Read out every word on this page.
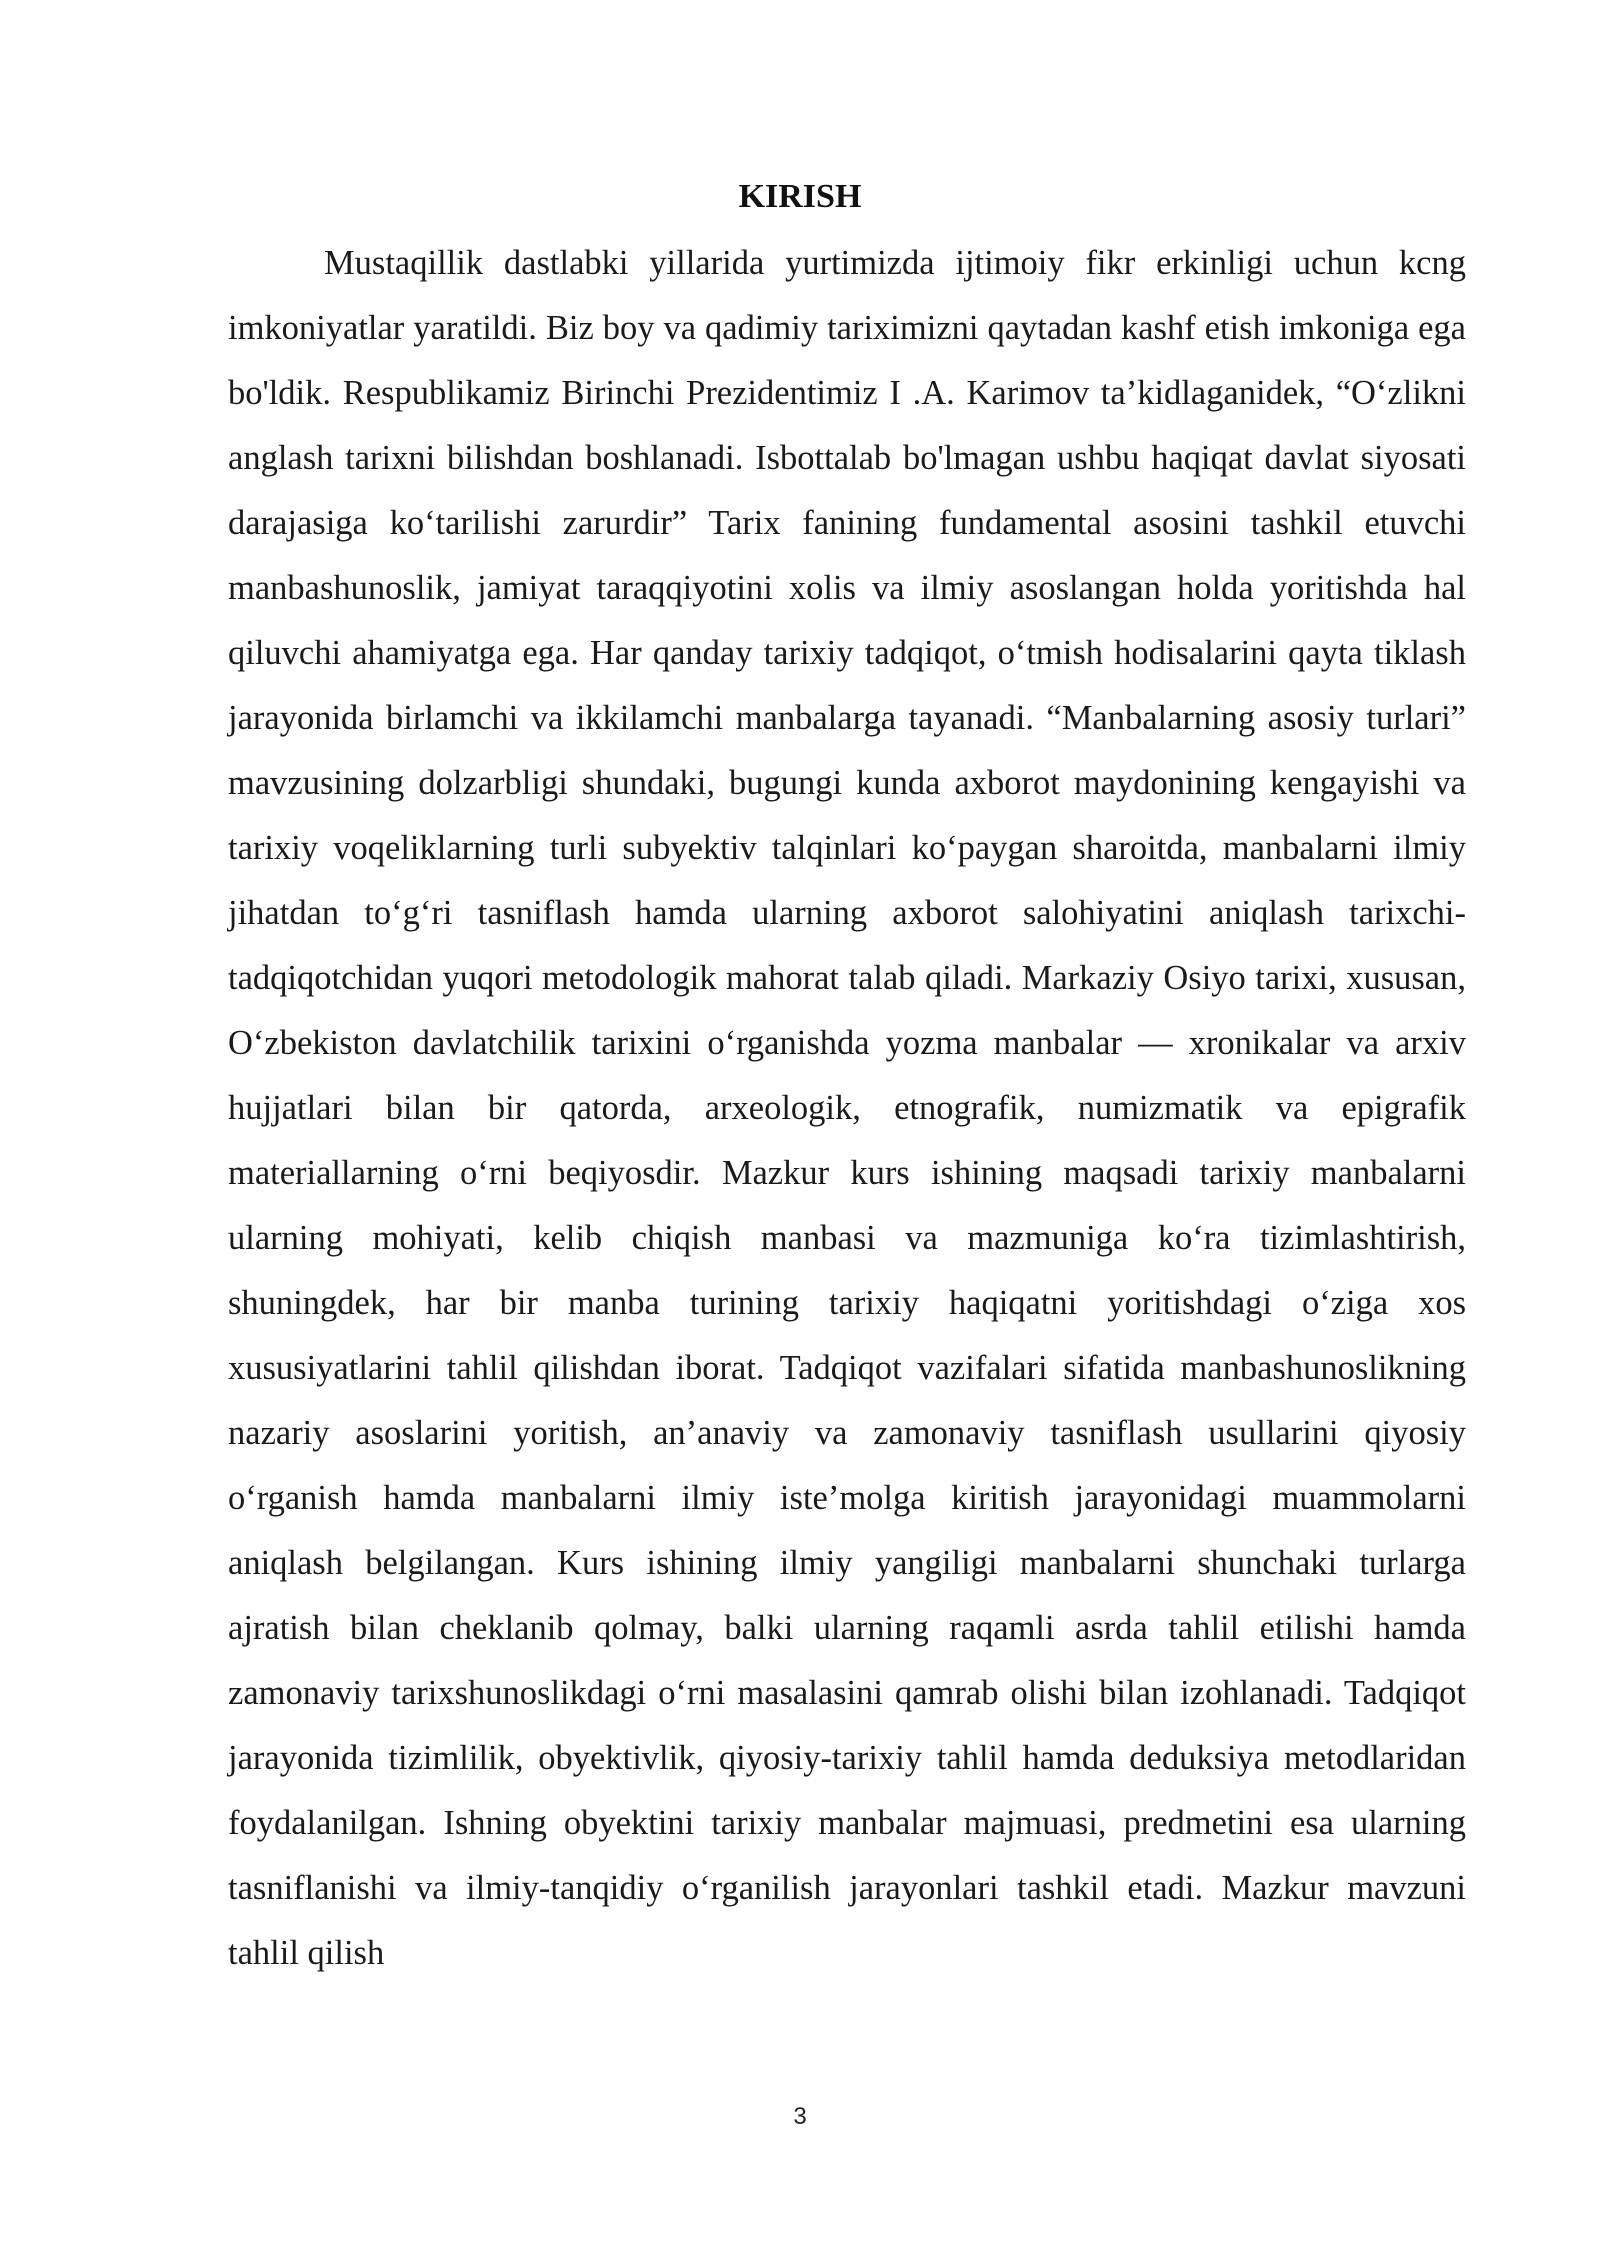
KIRISH

Mustaqillik dastlabki yillarida yurtimizda ijtimoiy fikr erkinligi uchun kcng imkoniyatlar yaratildi. Biz boy va qadimiy tariximizni qaytadan kashf etish imkoniga ega bo'ldik. Respublikamiz Birinchi Prezidentimiz I .A. Karimov ta’kidlaganidek, “O‘zlikni anglash tarixni bilishdan boshlanadi. Isbottalab bo'lmagan ushbu haqiqat davlat siyosati darajasiga ko‘tarilishi zarurdir” Tarix fanining fundamental asosini tashkil etuvchi manbashunoslik, jamiyat taraqqiyotini xolis va ilmiy asoslangan holda yoritishda hal qiluvchi ahamiyatga ega. Har qanday tarixiy tadqiqot, o‘tmish hodisalarini qayta tiklash jarayonida birlamchi va ikkilamchi manbalarga tayanadi. “Manbalarning asosiy turlari” mavzusining dolzarbligi shundaki, bugungi kunda axborot maydonining kengayishi va tarixiy voqeliklarning turli subyektiv talqinlari ko‘paygan sharoitda, manbalarni ilmiy jihatdan to‘g‘ri tasniflash hamda ularning axborot salohiyatini aniqlash tarixchi-tadqiqotchidan yuqori metodologik mahorat talab qiladi. Markaziy Osiyo tarixi, xususan, O‘zbekiston davlatchilik tarixini o‘rganishda yozma manbalar — xronikalar va arxiv hujjatlari bilan bir qatorda, arxeologik, etnografik, numizmatik va epigrafik materiallarning o‘rni beqiyosdir. Mazkur kurs ishining maqsadi tarixiy manbalarni ularning mohiyati, kelib chiqish manbasi va mazmuniga ko‘ra tizimlashtirish, shuningdek, har bir manba turining tarixiy haqiqatni yoritishdagi o‘ziga xos xususiyatlarini tahlil qilishdan iborat. Tadqiqot vazifalari sifatida manbashunoslikning nazariy asoslarini yoritish, an’anaviy va zamonaviy tasniflash usullarini qiyosiy o‘rganish hamda manbalarni ilmiy iste’molga kiritish jarayonidagi muammolarni aniqlash belgilangan. Kurs ishining ilmiy yangiligi manbalarni shunchaki turlarga ajratish bilan cheklanib qolmay, balki ularning raqamli asrda tahlil etilishi hamda zamonaviy tarixshunoslikdagi o‘rni masalasini qamrab olishi bilan izohlanadi. Tadqiqot jarayonida tizimlilik, obyektivlik, qiyosiy-tarixiy tahlil hamda deduksiya metodlaridan foydalanilgan. Ishning obyektini tarixiy manbalar majmuasi, predmetini esa ularning tasniflanishi va ilmiy-tanqidiy o‘rganilish jarayonlari tashkil etadi. Mazkur mavzuni tahlil qilish

3
